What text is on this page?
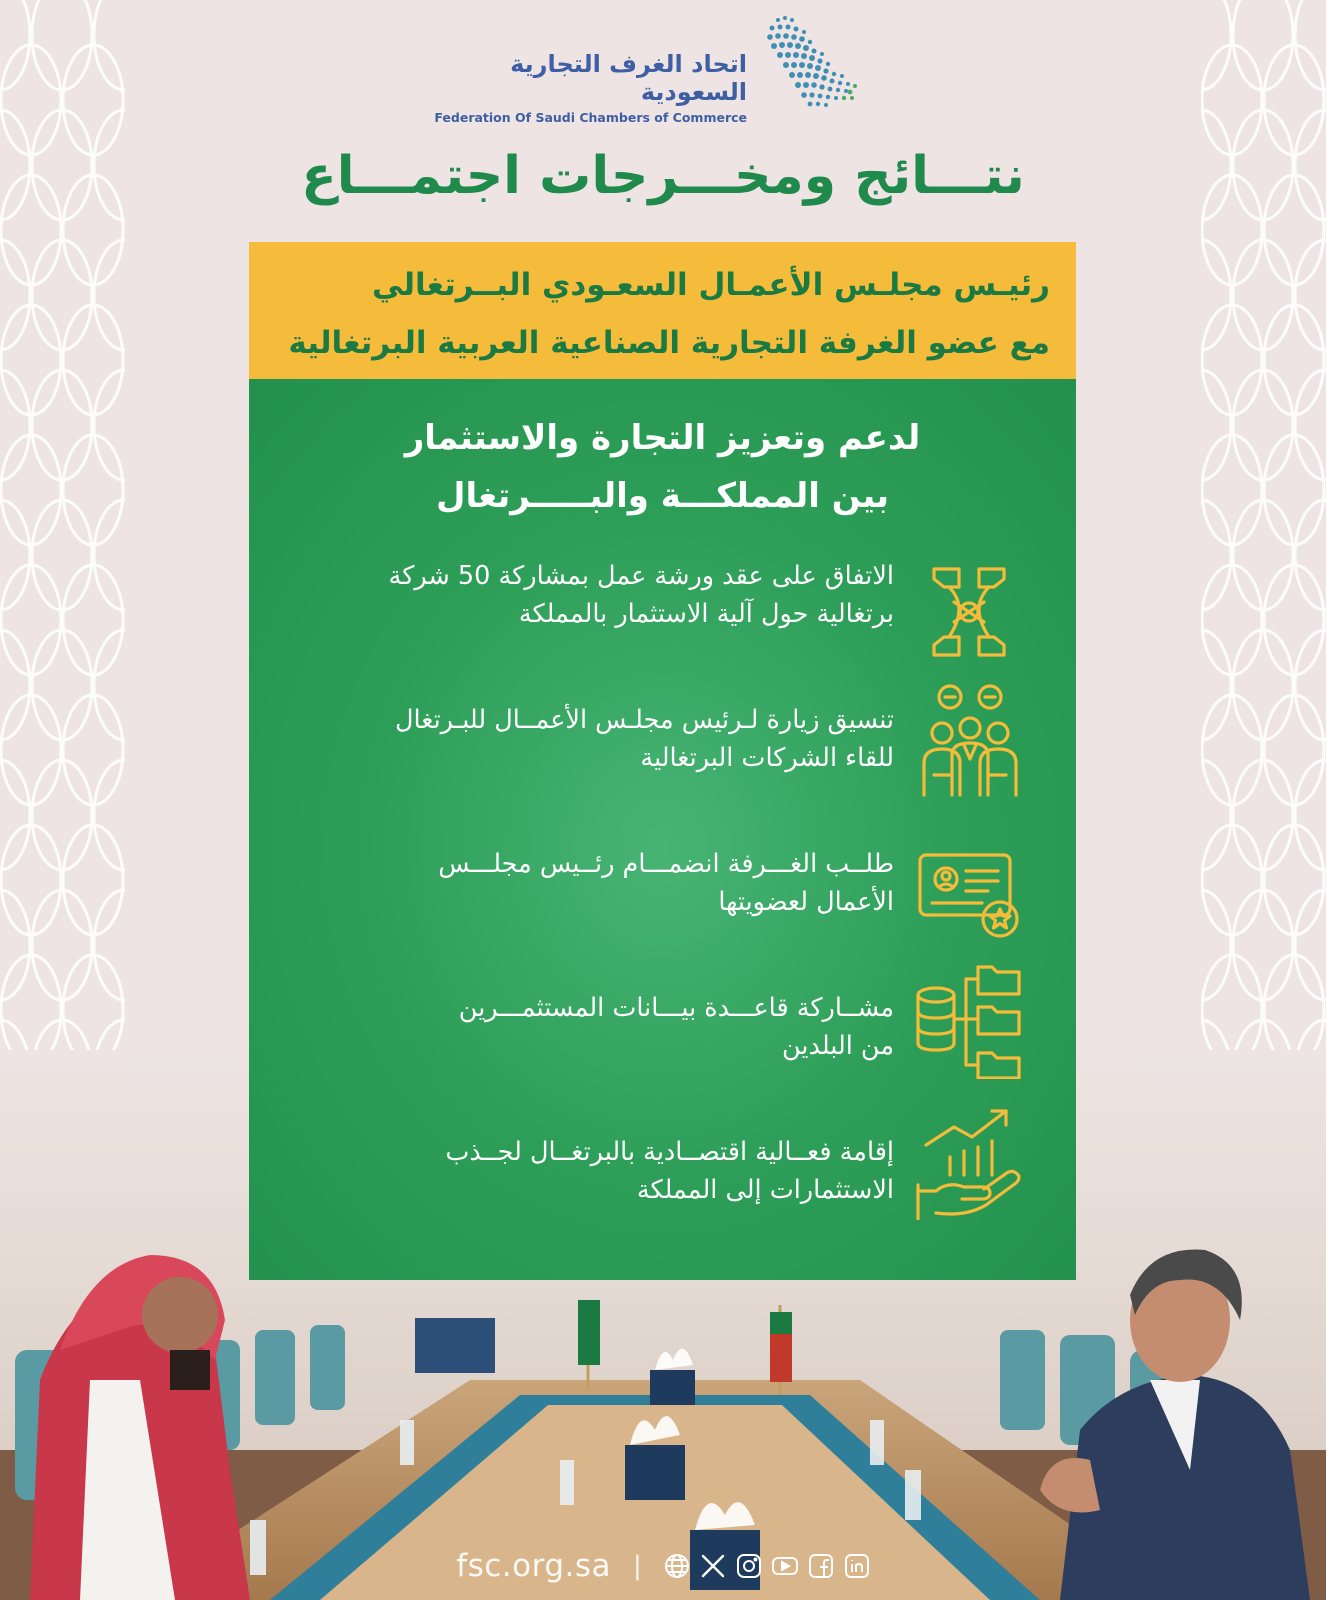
اتحاد الغرف التجارية السعودية
Federation Of Saudi Chambers of Commerce
نتـــائج ومخـــرجات اجتمـــاع
رئيـس مجلـس الأعمـال السعـودي البــرتغالي
مع عضو الغرفة التجارية الصناعية العربية البرتغالية
لدعم وتعزيز التجارة والاستثمار
بين المملكـــة والبـــــرتغال
الاتفاق على عقد ورشة عمل بمشاركة 50 شركة
برتغالية حول آلية الاستثمار بالمملكة
تنسيق زيارة لـرئيس مجلـس الأعمــال للبـرتغال
للقاء الشركات البرتغالية
طلــب الغـــرفة انضمـــام رئــيس مجلـــس
الأعمال لعضويتها
مشــاركة قاعـــدة بيـــانات المستثمـــرين
من البلدين
إقامة فعــالية اقتصــادية بالبرتغــال لجــذب
الاستثمارات إلى المملكة
fsc.org.sa |
